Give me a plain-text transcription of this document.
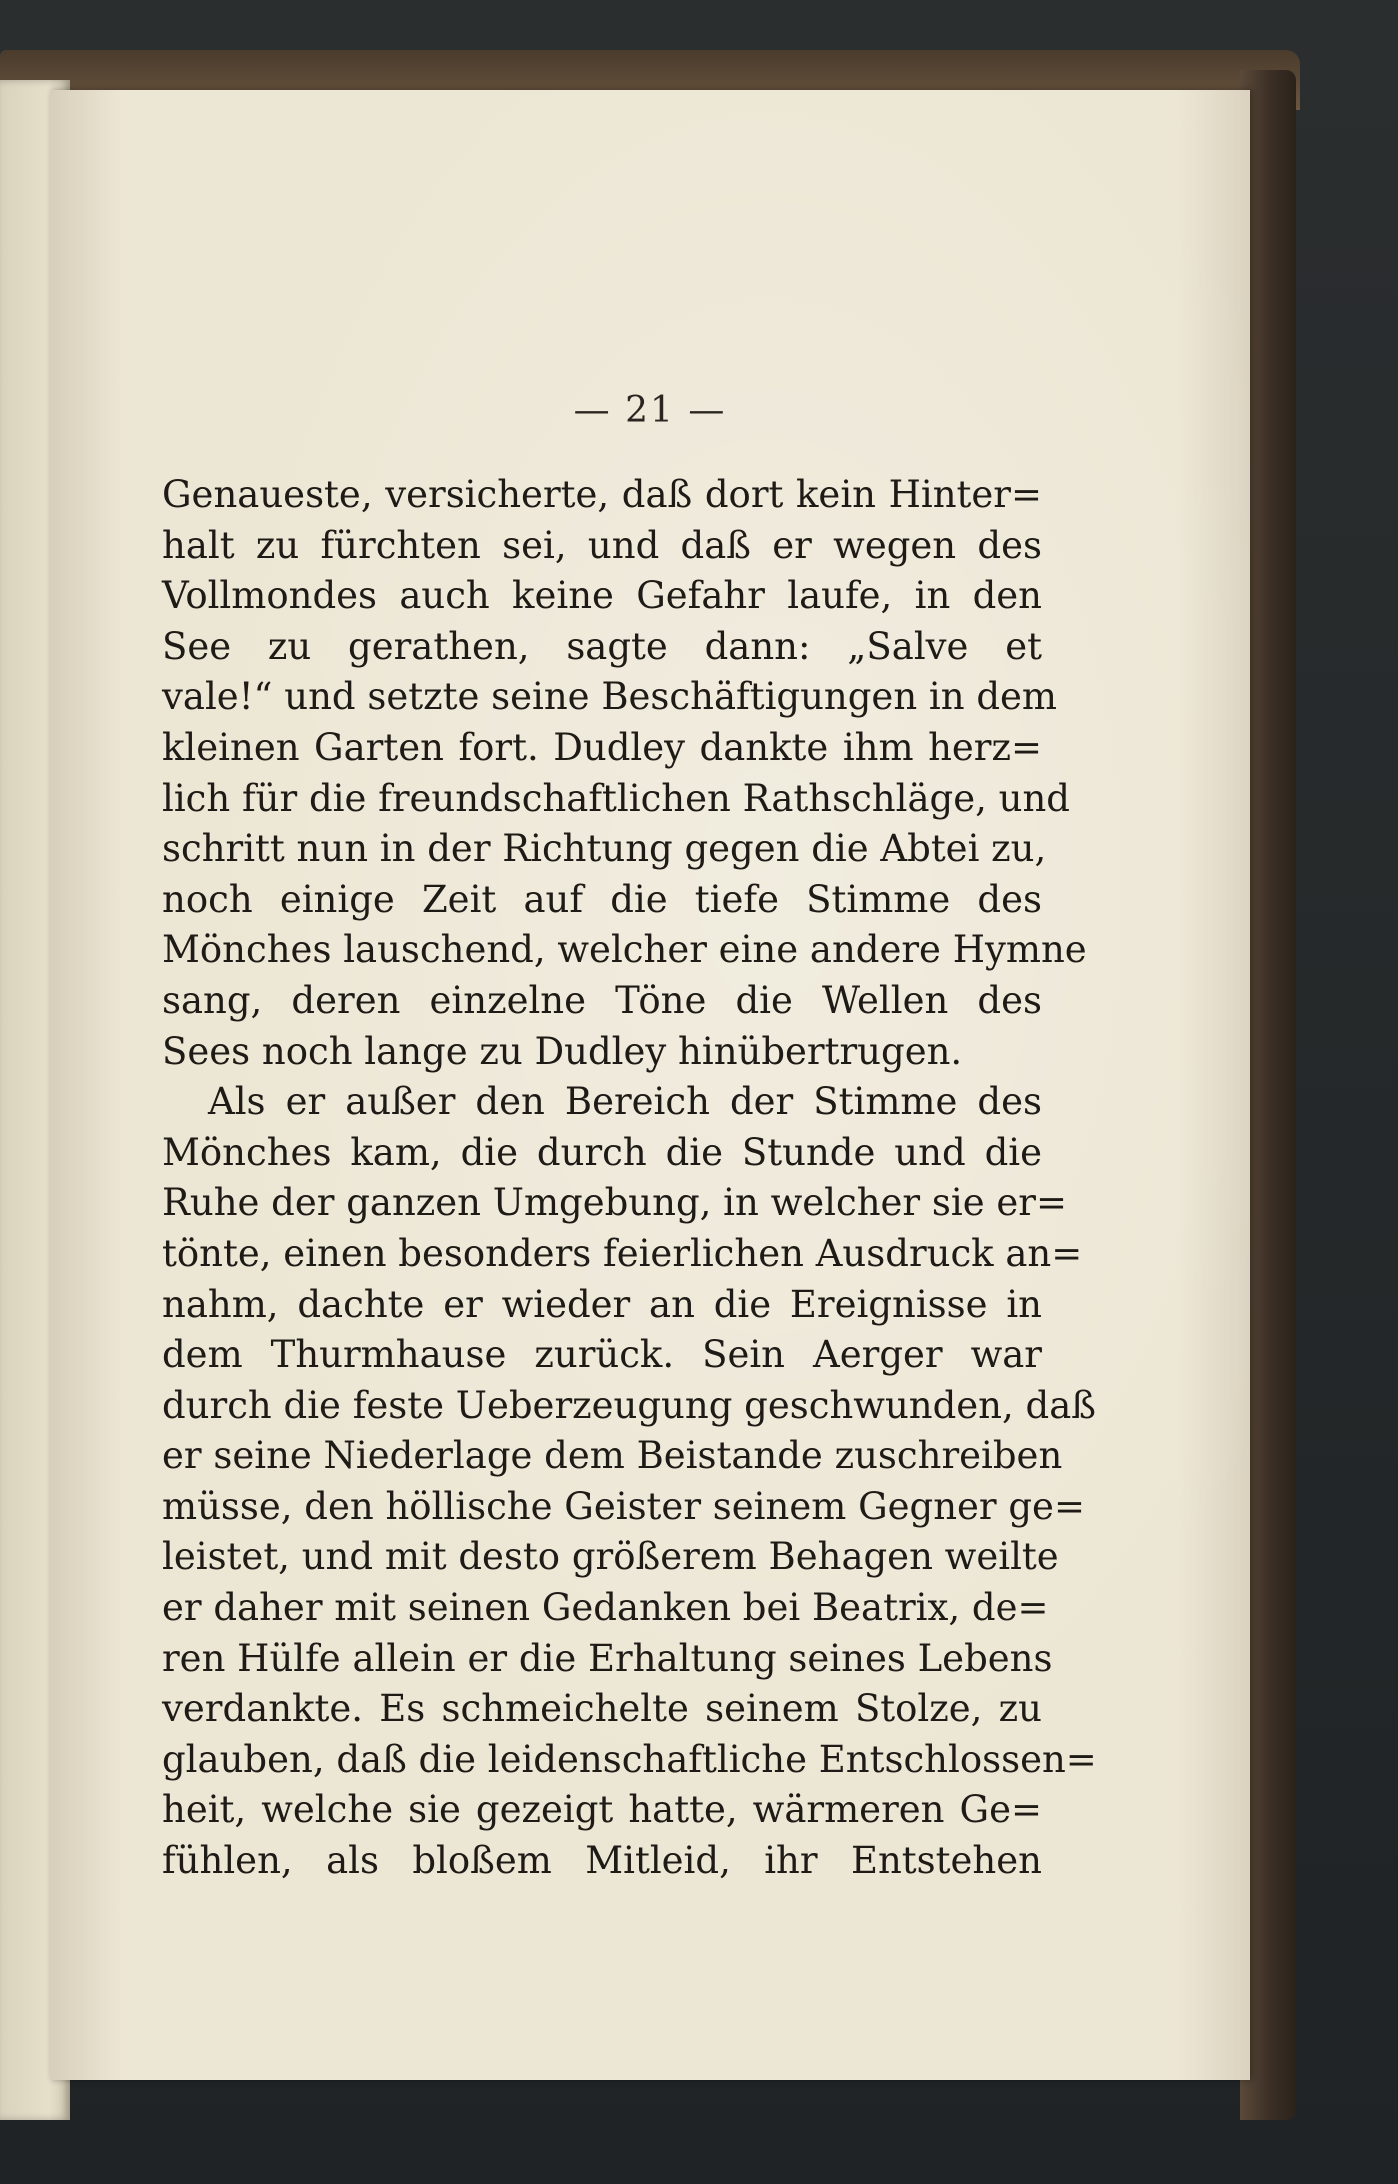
— 21 —
Genaueste, versicherte, daß dort kein Hinter=
halt zu fürchten sei, und daß er wegen des
Vollmondes auch keine Gefahr laufe, in den
See zu gerathen, sagte dann: „Salve et
vale!“ und setzte seine Beschäftigungen in dem
kleinen Garten fort. Dudley dankte ihm herz=
lich für die freundschaftlichen Rathschläge, und
schritt nun in der Richtung gegen die Abtei zu,
noch einige Zeit auf die tiefe Stimme des
Mönches lauschend, welcher eine andere Hymne
sang, deren einzelne Töne die Wellen des
Sees noch lange zu Dudley hinübertrugen.
Als er außer den Bereich der Stimme des
Mönches kam, die durch die Stunde und die
Ruhe der ganzen Umgebung, in welcher sie er=
tönte, einen besonders feierlichen Ausdruck an=
nahm, dachte er wieder an die Ereignisse in
dem Thurmhause zurück. Sein Aerger war
durch die feste Ueberzeugung geschwunden, daß
er seine Niederlage dem Beistande zuschreiben
müsse, den höllische Geister seinem Gegner ge=
leistet, und mit desto größerem Behagen weilte
er daher mit seinen Gedanken bei Beatrix, de=
ren Hülfe allein er die Erhaltung seines Lebens
verdankte. Es schmeichelte seinem Stolze, zu
glauben, daß die leidenschaftliche Entschlossen=
heit, welche sie gezeigt hatte, wärmeren Ge=
fühlen, als bloßem Mitleid, ihr Entstehen
